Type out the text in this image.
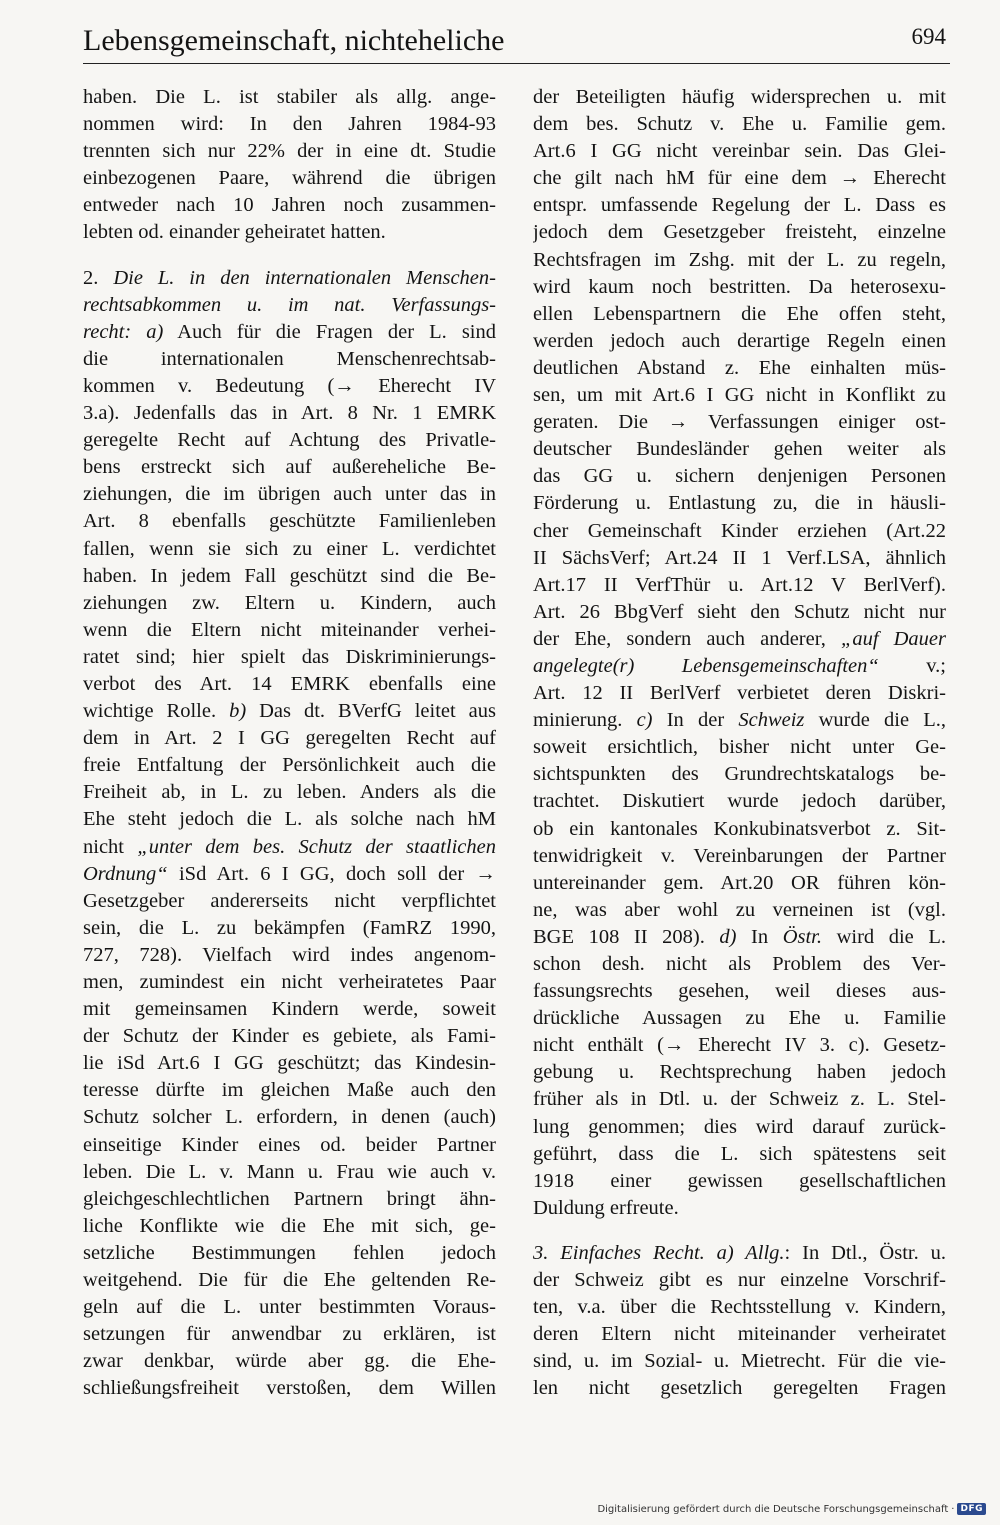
Lebensgemeinschaft, nichteheliche	694
haben. Die L. ist stabiler als allg. ange-
nommen wird: In den Jahren 1984-93
trennten sich nur 22% der in eine dt. Studie
einbezogenen Paare, während die übrigen
entweder nach 10 Jahren noch zusammen-
lebten od. einander geheiratet hatten.
2. Die L. in den internationalen Menschen-
rechtsabkommen u. im nat. Verfassungs-
recht: a) Auch für die Fragen der L. sind
die internationalen Menschenrechtsab-
kommen v. Bedeutung (→ Eherecht IV
3.a). Jedenfalls das in Art. 8 Nr. 1 EMRK
geregelte Recht auf Achtung des Privatle-
bens erstreckt sich auf außereheliche Be-
ziehungen, die im übrigen auch unter das in
Art. 8 ebenfalls geschützte Familienleben
fallen, wenn sie sich zu einer L. verdichtet
haben. In jedem Fall geschützt sind die Be-
ziehungen zw. Eltern u. Kindern, auch
wenn die Eltern nicht miteinander verhei-
ratet sind; hier spielt das Diskriminierungs-
verbot des Art. 14 EMRK ebenfalls eine
wichtige Rolle. b) Das dt. BVerfG leitet aus
dem in Art. 2 I GG geregelten Recht auf
freie Entfaltung der Persönlichkeit auch die
Freiheit ab, in L. zu leben. Anders als die
Ehe steht jedoch die L. als solche nach hM
nicht „unter dem bes. Schutz der staatlichen
Ordnung“ iSd Art. 6 I GG, doch soll der →
Gesetzgeber andererseits nicht verpflichtet
sein, die L. zu bekämpfen (FamRZ 1990,
727, 728). Vielfach wird indes angenom-
men, zumindest ein nicht verheiratetes Paar
mit gemeinsamen Kindern werde, soweit
der Schutz der Kinder es gebiete, als Fami-
lie iSd Art.6 I GG geschützt; das Kindesin-
teresse dürfte im gleichen Maße auch den
Schutz solcher L. erfordern, in denen (auch)
einseitige Kinder eines od. beider Partner
leben. Die L. v. Mann u. Frau wie auch v.
gleichgeschlechtlichen Partnern bringt ähn-
liche Konflikte wie die Ehe mit sich, ge-
setzliche Bestimmungen fehlen jedoch
weitgehend. Die für die Ehe geltenden Re-
geln auf die L. unter bestimmten Voraus-
setzungen für anwendbar zu erklären, ist
zwar denkbar, würde aber gg. die Ehe-
schließungsfreiheit verstoßen, dem Willen
der Beteiligten häufig widersprechen u. mit
dem bes. Schutz v. Ehe u. Familie gem.
Art.6 I GG nicht vereinbar sein. Das Glei-
che gilt nach hM für eine dem → Eherecht
entspr. umfassende Regelung der L. Dass es
jedoch dem Gesetzgeber freisteht, einzelne
Rechtsfragen im Zshg. mit der L. zu regeln,
wird kaum noch bestritten. Da heterosexu-
ellen Lebenspartnern die Ehe offen steht,
werden jedoch auch derartige Regeln einen
deutlichen Abstand z. Ehe einhalten müs-
sen, um mit Art.6 I GG nicht in Konflikt zu
geraten. Die → Verfassungen einiger ost-
deutscher Bundesländer gehen weiter als
das GG u. sichern denjenigen Personen
Förderung u. Entlastung zu, die in häusli-
cher Gemeinschaft Kinder erziehen (Art.22
II SächsVerf; Art.24 II 1 Verf.LSA, ähnlich
Art.17 II VerfThür u. Art.12 V BerlVerf).
Art. 26 BbgVerf sieht den Schutz nicht nur
der Ehe, sondern auch anderer, „auf Dauer
angelegte(r) Lebensgemeinschaften“ v.;
Art. 12 II BerlVerf verbietet deren Diskri-
minierung. c) In der Schweiz wurde die L.,
soweit ersichtlich, bisher nicht unter Ge-
sichtspunkten des Grundrechtskatalogs be-
trachtet. Diskutiert wurde jedoch darüber,
ob ein kantonales Konkubinatsverbot z. Sit-
tenwidrigkeit v. Vereinbarungen der Partner
untereinander gem. Art.20 OR führen kön-
ne, was aber wohl zu verneinen ist (vgl.
BGE 108 II 208). d) In Östr. wird die L.
schon desh. nicht als Problem des Ver-
fassungsrechts gesehen, weil dieses aus-
drückliche Aussagen zu Ehe u. Familie
nicht enthält (→ Eherecht IV 3. c). Gesetz-
gebung u. Rechtsprechung haben jedoch
früher als in Dtl. u. der Schweiz z. L. Stel-
lung genommen; dies wird darauf zurück-
geführt, dass die L. sich spätestens seit
1918 einer gewissen gesellschaftlichen
Duldung erfreute.
3. Einfaches Recht. a) Allg.: In Dtl., Östr. u.
der Schweiz gibt es nur einzelne Vorschrif-
ten, v.a. über die Rechtsstellung v. Kindern,
deren Eltern nicht miteinander verheiratet
sind, u. im Sozial- u. Mietrecht. Für die vie-
len nicht gesetzlich geregelten Fragen
Digitalisierung gefördert durch die Deutsche Forschungsgemeinschaft · DFG
